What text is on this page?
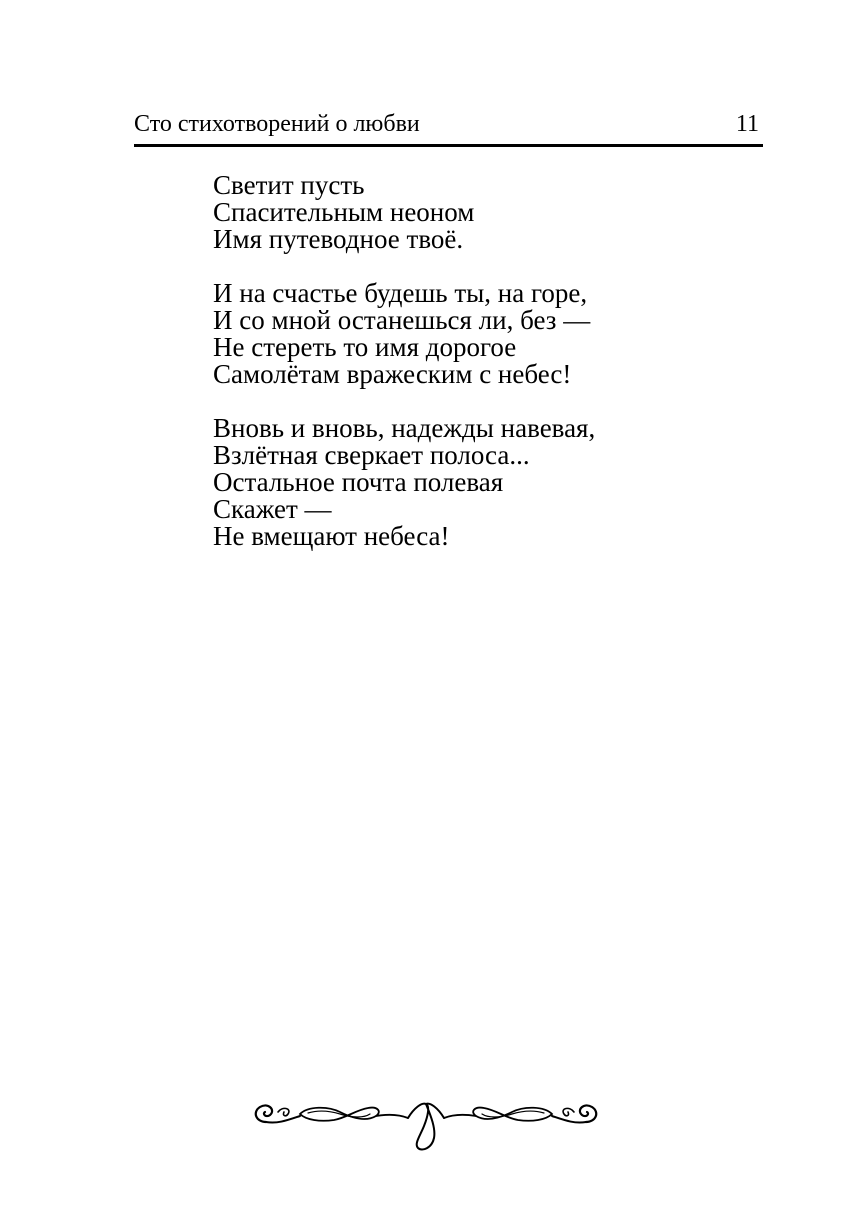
Сто стихотворений о любви	11
Светит пусть
Спасительным неоном
Имя путеводное твоё.
И на счастье будешь ты, на горе,
И со мной останешься ли, без —
Не стереть то имя дорогое
Самолётам вражеским с небес!
Вновь и вновь, надежды навевая,
Взлётная сверкает полоса...
Остальное почта полевая
Скажет —
Не вмещают небеса!
